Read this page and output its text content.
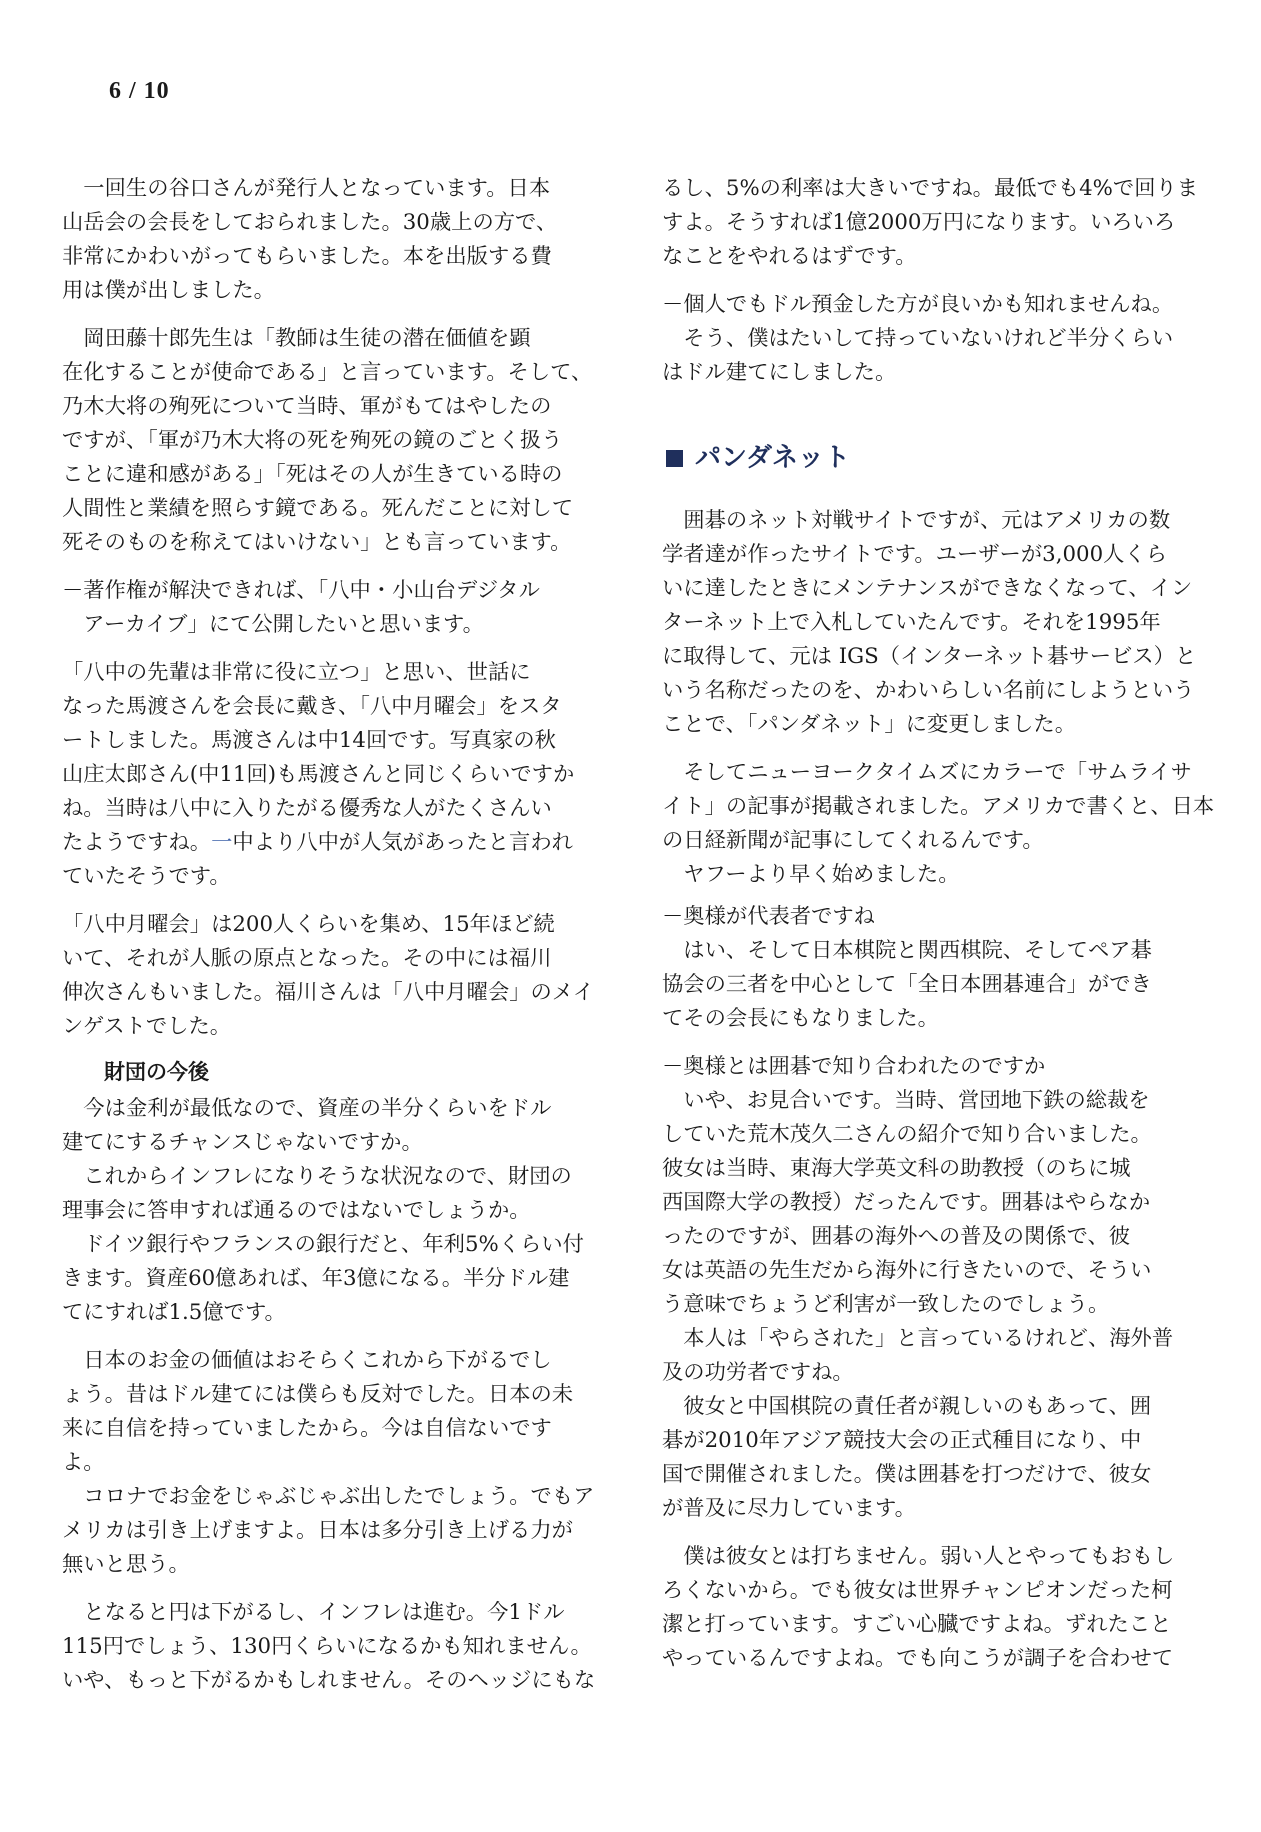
6 / 10
　一回生の谷口さんが発行人となっています。日本
山岳会の会長をしておられました。30歳上の方で、
非常にかわいがってもらいました。本を出版する費
用は僕が出しました。
　岡田藤十郎先生は「教師は生徒の潜在価値を顕
在化することが使命である」と言っています。そして、
乃木大将の殉死について当時、軍がもてはやしたの
ですが、「軍が乃木大将の死を殉死の鏡のごとく扱う
ことに違和感がある」「死はその人が生きている時の
人間性と業績を照らす鏡である。死んだことに対して
死そのものを称えてはいけない」とも言っています。
－著作権が解決できれば、「八中・小山台デジタル
　アーカイブ」にて公開したいと思います。
「八中の先輩は非常に役に立つ」と思い、世話に
なった馬渡さんを会長に戴き、「八中月曜会」をスタ
ートしました。馬渡さんは中14回です。写真家の秋
山庄太郎さん(中11回)も馬渡さんと同じくらいですか
ね。当時は八中に入りたがる優秀な人がたくさんい
たようですね。一中より八中が人気があったと言われ
ていたそうです。
「八中月曜会」は200人くらいを集め、15年ほど続
いて、それが人脈の原点となった。その中には福川
伸次さんもいました。福川さんは「八中月曜会」のメイ
ンゲストでした。
財団の今後
　今は金利が最低なので、資産の半分くらいをドル
建てにするチャンスじゃないですか。
　これからインフレになりそうな状況なので、財団の
理事会に答申すれば通るのではないでしょうか。
　ドイツ銀行やフランスの銀行だと、年利5%くらい付
きます。資産60億あれば、年3億になる。半分ドル建
てにすれば1.5億です。
　日本のお金の価値はおそらくこれから下がるでし
ょう。昔はドル建てには僕らも反対でした。日本の未
来に自信を持っていましたから。今は自信ないです
よ。
　コロナでお金をじゃぶじゃぶ出したでしょう。でもア
メリカは引き上げますよ。日本は多分引き上げる力が
無いと思う。
　となると円は下がるし、インフレは進む。今1ドル
115円でしょう、130円くらいになるかも知れません。
いや、もっと下がるかもしれません。そのヘッジにもな
るし、5%の利率は大きいですね。最低でも4%で回りま
すよ。そうすれば1億2000万円になります。いろいろ
なことをやれるはずです。
－個人でもドル預金した方が良いかも知れませんね。
　そう、僕はたいして持っていないけれど半分くらい
はドル建てにしました。
パンダネット
　囲碁のネット対戦サイトですが、元はアメリカの数
学者達が作ったサイトです。ユーザーが3,000人くら
いに達したときにメンテナンスができなくなって、イン
ターネット上で入札していたんです。それを1995年
に取得して、元は IGS（インターネット碁サービス）と
いう名称だったのを、かわいらしい名前にしようという
ことで、「パンダネット」に変更しました。
　そしてニューヨークタイムズにカラーで「サムライサ
イト」の記事が掲載されました。アメリカで書くと、日本
の日経新聞が記事にしてくれるんです。
　ヤフーより早く始めました。
－奥様が代表者ですね
　はい、そして日本棋院と関西棋院、そしてペア碁
協会の三者を中心として「全日本囲碁連合」ができ
てその会長にもなりました。
－奥様とは囲碁で知り合われたのですか
　いや、お見合いです。当時、営団地下鉄の総裁を
していた荒木茂久二さんの紹介で知り合いました。
彼女は当時、東海大学英文科の助教授（のちに城
西国際大学の教授）だったんです。囲碁はやらなか
ったのですが、囲碁の海外への普及の関係で、彼
女は英語の先生だから海外に行きたいので、そうい
う意味でちょうど利害が一致したのでしょう。
　本人は「やらされた」と言っているけれど、海外普
及の功労者ですね。
　彼女と中国棋院の責任者が親しいのもあって、囲
碁が2010年アジア競技大会の正式種目になり、中
国で開催されました。僕は囲碁を打つだけで、彼女
が普及に尽力しています。
　僕は彼女とは打ちません。弱い人とやってもおもし
ろくないから。でも彼女は世界チャンピオンだった柯
潔と打っています。すごい心臓ですよね。ずれたこと
やっているんですよね。でも向こうが調子を合わせて
